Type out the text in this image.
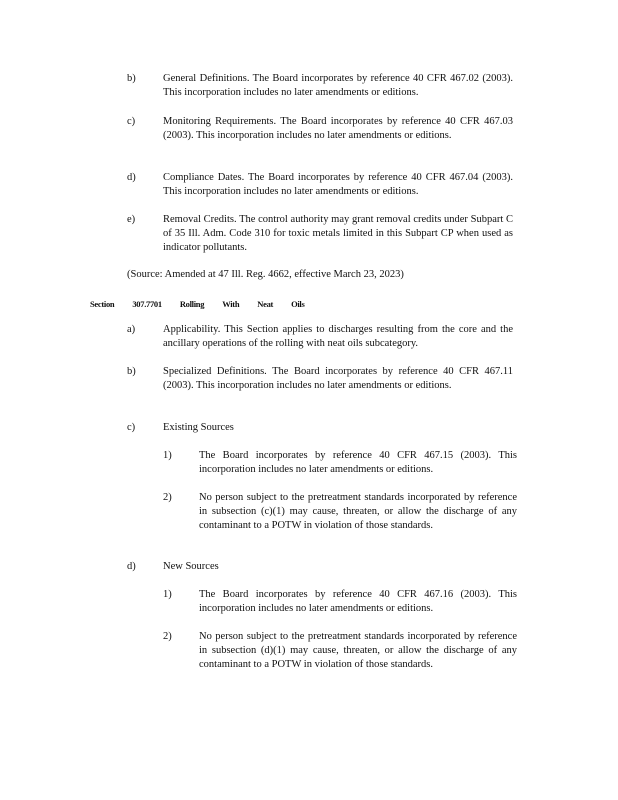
b)	General Definitions. The Board incorporates by reference 40 CFR 467.02 (2003). This incorporation includes no later amendments or editions.
c)	Monitoring Requirements. The Board incorporates by reference 40 CFR 467.03 (2003). This incorporation includes no later amendments or editions.
d)	Compliance Dates. The Board incorporates by reference 40 CFR 467.04 (2003). This incorporation includes no later amendments or editions.
e)	Removal Credits. The control authority may grant removal credits under Subpart C of 35 Ill. Adm. Code 310 for toxic metals limited in this Subpart CP when used as indicator pollutants.
(Source: Amended at 47 Ill. Reg. 4662, effective March 23, 2023)
Section 307.7701 Rolling With Neat Oils
a)	Applicability. This Section applies to discharges resulting from the core and the ancillary operations of the rolling with neat oils subcategory.
b)	Specialized Definitions. The Board incorporates by reference 40 CFR 467.11 (2003). This incorporation includes no later amendments or editions.
c)	Existing Sources
1)	The Board incorporates by reference 40 CFR 467.15 (2003). This incorporation includes no later amendments or editions.
2)	No person subject to the pretreatment standards incorporated by reference in subsection (c)(1) may cause, threaten, or allow the discharge of any contaminant to a POTW in violation of those standards.
d)	New Sources
1)	The Board incorporates by reference 40 CFR 467.16 (2003). This incorporation includes no later amendments or editions.
2)	No person subject to the pretreatment standards incorporated by reference in subsection (d)(1) may cause, threaten, or allow the discharge of any contaminant to a POTW in violation of those standards.
